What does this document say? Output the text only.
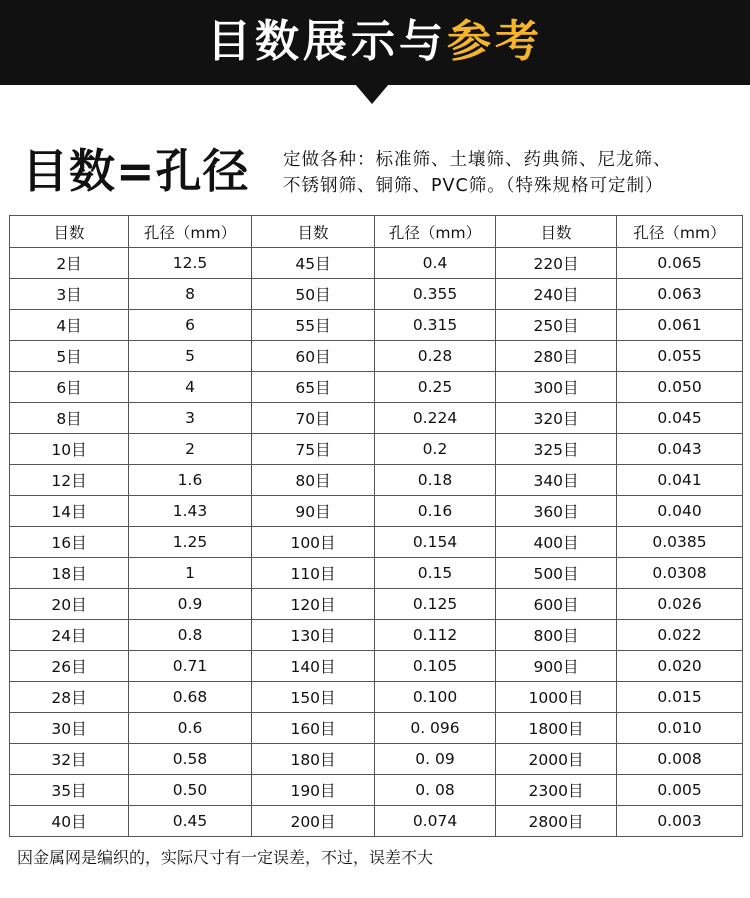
目数展示与参考
目数=孔径 定做各种：标准筛、土壤筛、药典筛、尼龙筛、
不锈钢筛、铜筛、PVC筛。（特殊规格可定制）
目数	孔径（mm）	目数	孔径（mm）	目数	孔径（mm）
2目	12.5	45目	0.4	220目	0.065
3目	8	50目	0.355	240目	0.063
4目	6	55目	0.315	250目	0.061
5目	5	60目	0.28	280目	0.055
6目	4	65目	0.25	300目	0.050
8目	3	70目	0.224	320目	0.045
10目	2	75目	0.2	325目	0.043
12目	1.6	80目	0.18	340目	0.041
14目	1.43	90目	0.16	360目	0.040
16目	1.25	100目	0.154	400目	0.0385
18目	1	110目	0.15	500目	0.0308
20目	0.9	120目	0.125	600目	0.026
24目	0.8	130目	0.112	800目	0.022
26目	0.71	140目	0.105	900目	0.020
28目	0.68	150目	0.100	1000目	0.015
30目	0.6	160目	0. 096	1800目	0.010
32目	0.58	180目	0. 09	2000目	0.008
35目	0.50	190目	0. 08	2300目	0.005
40目	0.45	200目	0.074	2800目	0.003
因金属网是编织的，实际尺寸有一定误差，不过，误差不大
